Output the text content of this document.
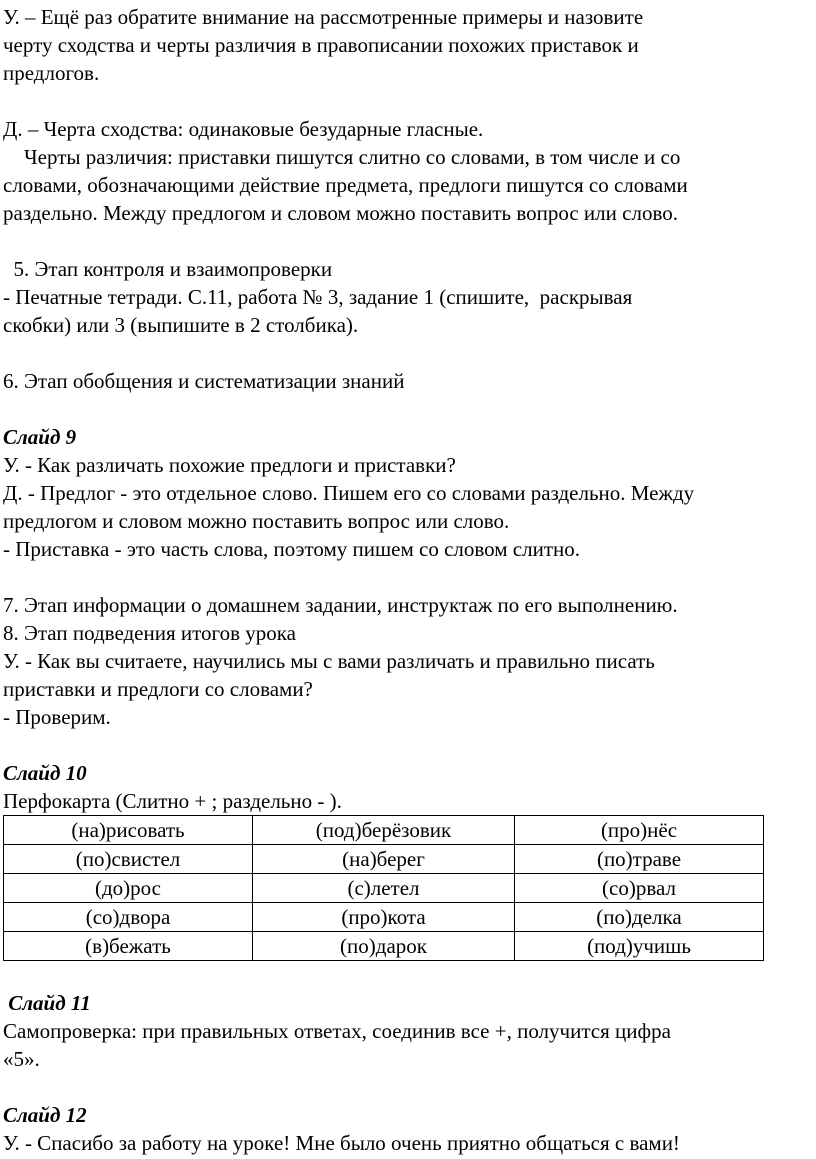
У. – Ещё раз обратите внимание на рассмотренные примеры и назовите
черту сходства и черты различия в правописании похожих приставок и
предлогов.
Д. – Черта сходства: одинаковые безударные гласные.
Черты различия: приставки пишутся слитно со словами, в том числе и со
словами, обозначающими действие предмета, предлоги пишутся со словами
раздельно. Между предлогом и словом можно поставить вопрос или слово.
5. Этап контроля и взаимопроверки
- Печатные тетради. С.11, работа № 3, задание 1 (спишите,  раскрывая
скобки) или 3 (выпишите в 2 столбика).
6. Этап обобщения и систематизации знаний
Слайд 9
У. - Как различать похожие предлоги и приставки?
Д. - Предлог - это отдельное слово. Пишем его со словами раздельно. Между
предлогом и словом можно поставить вопрос или слово.
- Приставка - это часть слова, поэтому пишем со словом слитно.
7. Этап информации о домашнем задании, инструктаж по его выполнению.
8. Этап подведения итогов урока
У. - Как вы считаете, научились мы с вами различать и правильно писать
приставки и предлоги со словами?
- Проверим.
Слайд 10
Перфокарта (Слитно + ; раздельно - ).
(на)рисовать	(под)берёзовик	(про)нёс
(по)свистел	(на)берег	(по)траве
(до)рос	(с)летел	(со)рвал
(со)двора	(про)кота	(по)делка
(в)бежать	(по)дарок	(под)учишь
Слайд 11
Самопроверка: при правильных ответах, соединив все +, получится цифра
«5».
Слайд 12
У. - Спасибо за работу на уроке! Мне было очень приятно общаться с вами!
